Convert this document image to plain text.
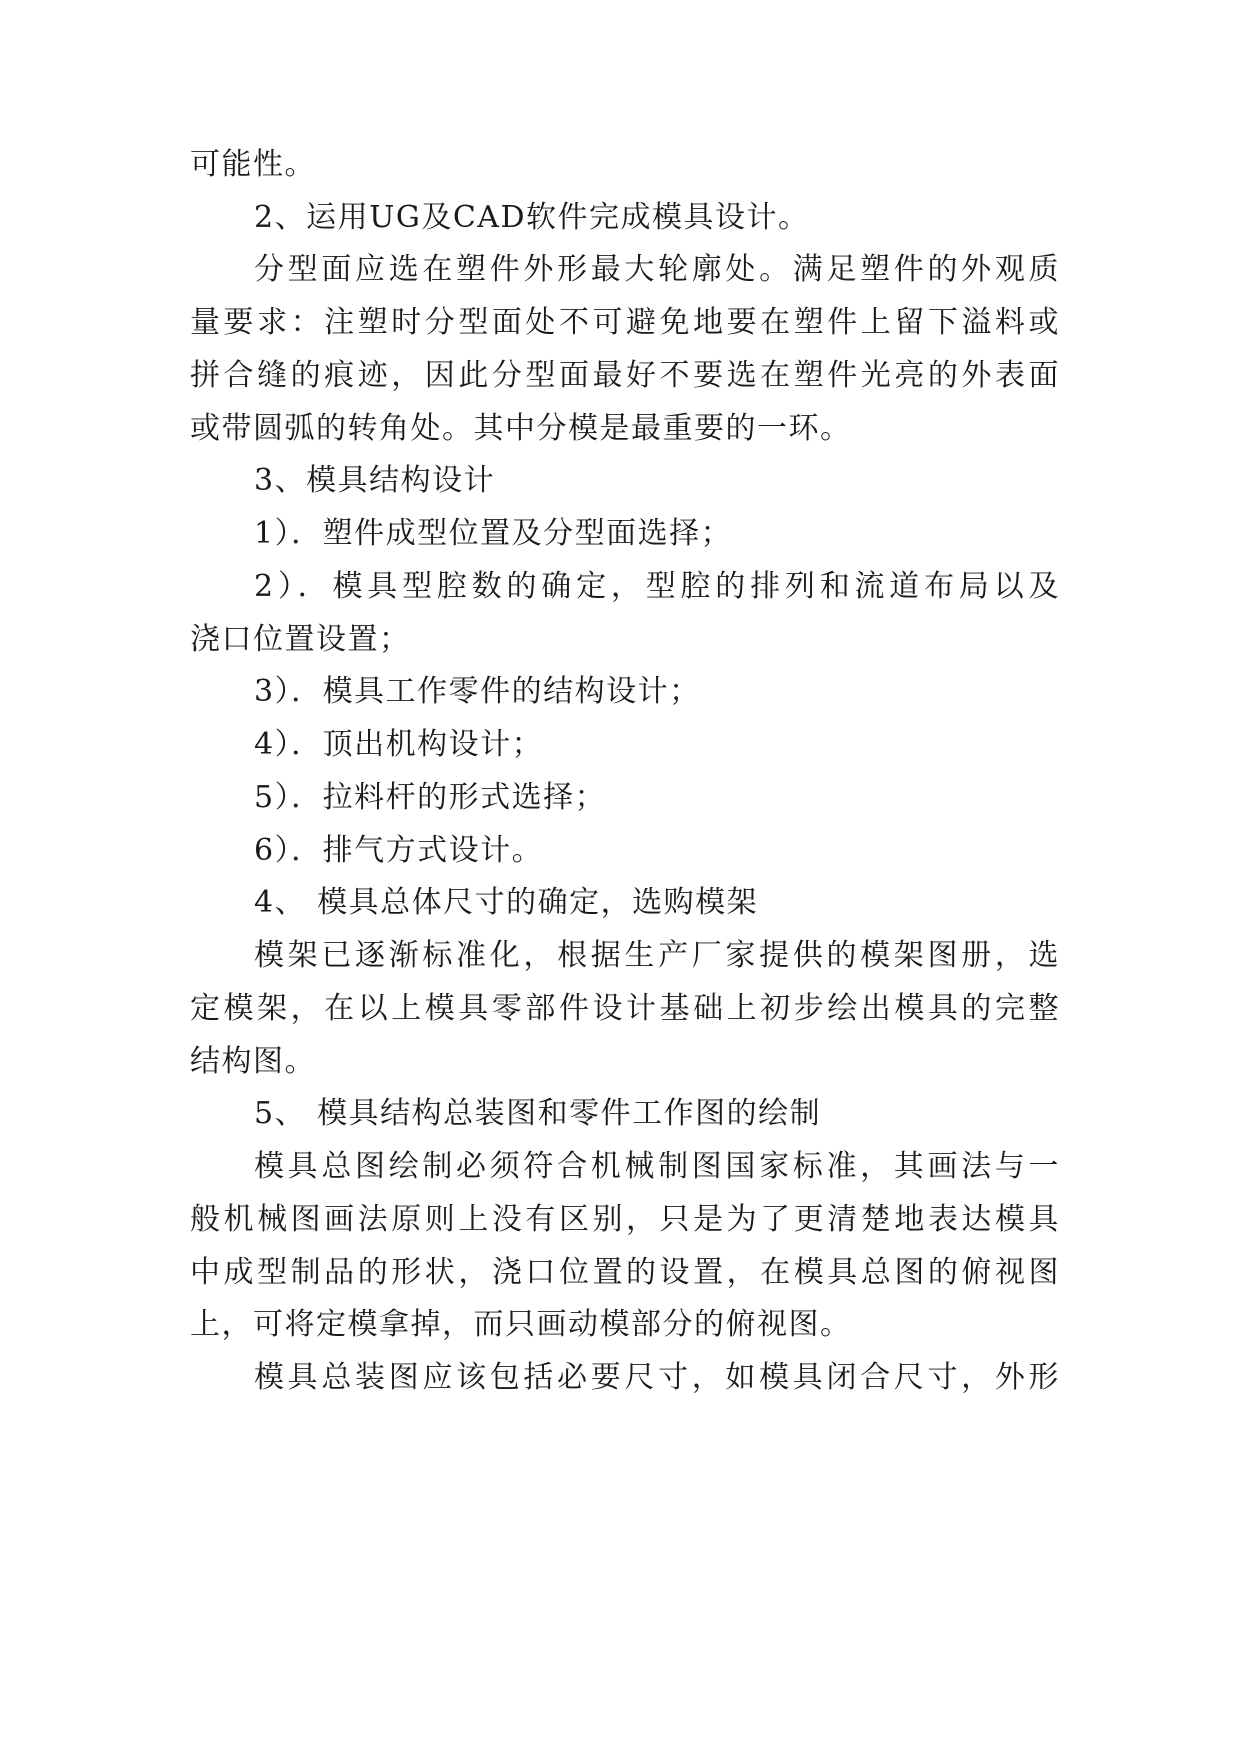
可能性。

2、运用UG及CAD软件完成模具设计。

分型面应选在塑件外形最大轮廓处。满足塑件的外观质

量要求：注塑时分型面处不可避免地要在塑件上留下溢料或

拼合缝的痕迹，因此分型面最好不要选在塑件光亮的外表面

或带圆弧的转角处。其中分模是最重要的一环。

3、模具结构设计

1）．塑件成型位置及分型面选择；

2）．模具型腔数的确定，型腔的排列和流道布局以及

浇口位置设置；

3）．模具工作零件的结构设计；

4）．顶出机构设计；

5）．拉料杆的形式选择；

6）．排气方式设计。

4、 模具总体尺寸的确定，选购模架

模架已逐渐标准化，根据生产厂家提供的模架图册，选

定模架，在以上模具零部件设计基础上初步绘出模具的完整

结构图。

5、 模具结构总装图和零件工作图的绘制

模具总图绘制必须符合机械制图国家标准，其画法与一

般机械图画法原则上没有区别，只是为了更清楚地表达模具

中成型制品的形状，浇口位置的设置，在模具总图的俯视图

上，可将定模拿掉，而只画动模部分的俯视图。

模具总装图应该包括必要尺寸，如模具闭合尺寸，外形
